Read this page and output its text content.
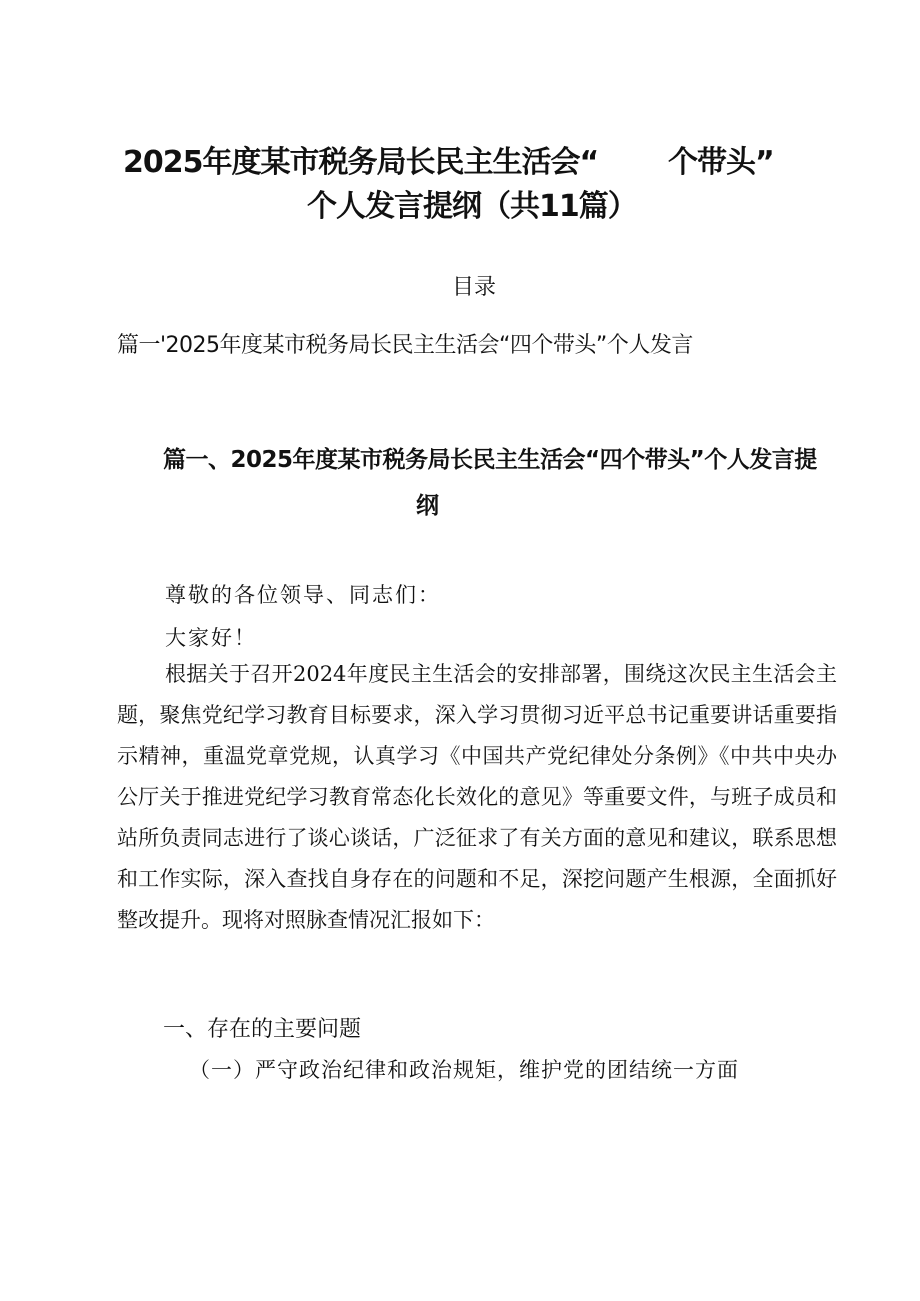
2025年度某市税务局长民主生活会“ 个带头”
个人发言提纲（共11篇）
目录
篇一'2025年度某市税务局长民主生活会“四个带头”个人发言
篇一、2025年度某市税务局长民主生活会“四个带头”个人发言提
纲
尊敬的各位领导、同志们：
大家好！
根据关于召开2024年度民主生活会的安排部署，围绕这次民主生活会主题，聚焦党纪学习教育目标要求，深入学习贯彻习近平总书记重要讲话重要指示精神，重温党章党规，认真学习《中国共产党纪律处分条例》《中共中央办公厅关于推进党纪学习教育常态化长效化的意见》等重要文件，与班子成员和站所负责同志进行了谈心谈话，广泛征求了有关方面的意见和建议，联系思想和工作实际，深入查找自身存在的问题和不足，深挖问题产生根源，全面抓好整改提升。现将对照脉查情况汇报如下：
一、存在的主要问题
（一）严守政治纪律和政治规矩，维护党的团结统一方面
